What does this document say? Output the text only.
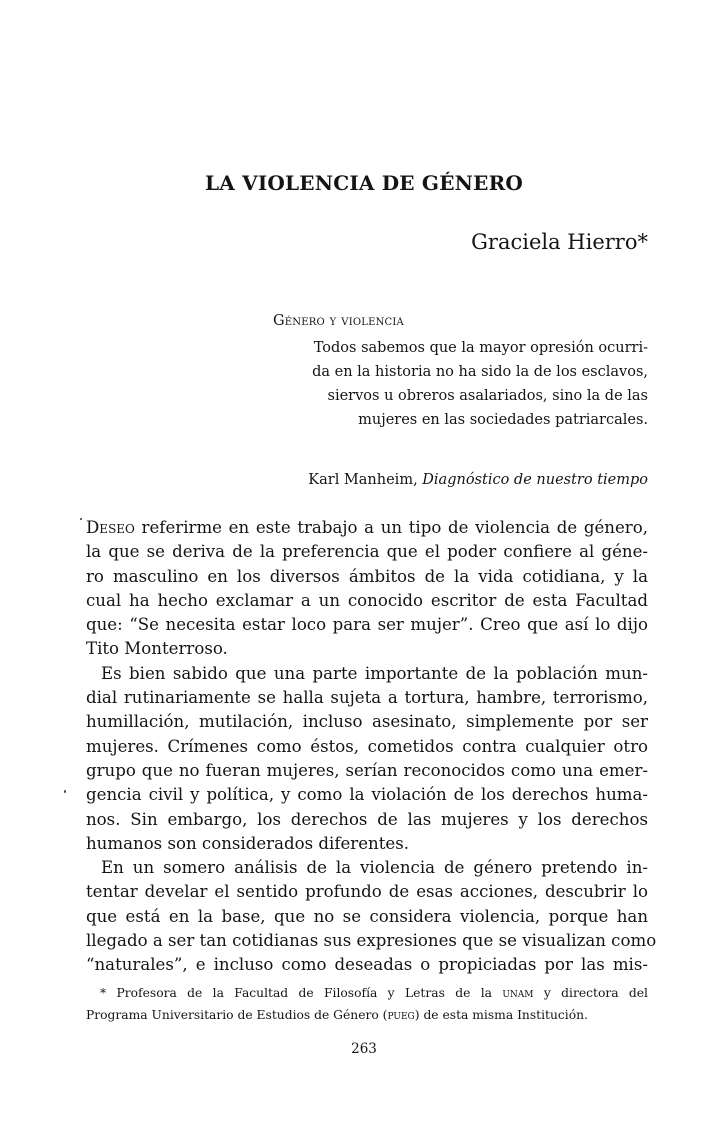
LA VIOLENCIA DE GÉNERO
Graciela Hierro*
Género y violencia
Todos sabemos que la mayor opresión ocurri-
da en la historia no ha sido la de los esclavos,
siervos u obreros asalariados, sino la de las
mujeres en las sociedades patriarcales.
Karl Manheim, Diagnóstico de nuestro tiempo
Deseo referirme en este trabajo a un tipo de violencia de género,
la que se deriva de la preferencia que el poder confiere al géne-
ro masculino en los diversos ámbitos de la vida cotidiana, y la
cual ha hecho exclamar a un conocido escritor de esta Facultad
que: “Se necesita estar loco para ser mujer”. Creo que así lo dijo
Tito Monterroso.
Es bien sabido que una parte importante de la población mun-
dial rutinariamente se halla sujeta a tortura, hambre, terrorismo,
humillación, mutilación, incluso asesinato, simplemente por ser
mujeres. Crímenes como éstos, cometidos contra cualquier otro
grupo que no fueran mujeres, serían reconocidos como una emer-
gencia civil y política, y como la violación de los derechos huma-
nos. Sin embargo, los derechos de las mujeres y los derechos
humanos son considerados diferentes.
En un somero análisis de la violencia de género pretendo in-
tentar develar el sentido profundo de esas acciones, descubrir lo
que está en la base, que no se considera violencia, porque han
llegado a ser tan cotidianas sus expresiones que se visualizan como
“naturales”, e incluso como deseadas o propiciadas por las mis-
* Profesora de la Facultad de Filosofía y Letras de la unam y directora del
Programa Universitario de Estudios de Género (pueg) de esta misma Institución.
263
